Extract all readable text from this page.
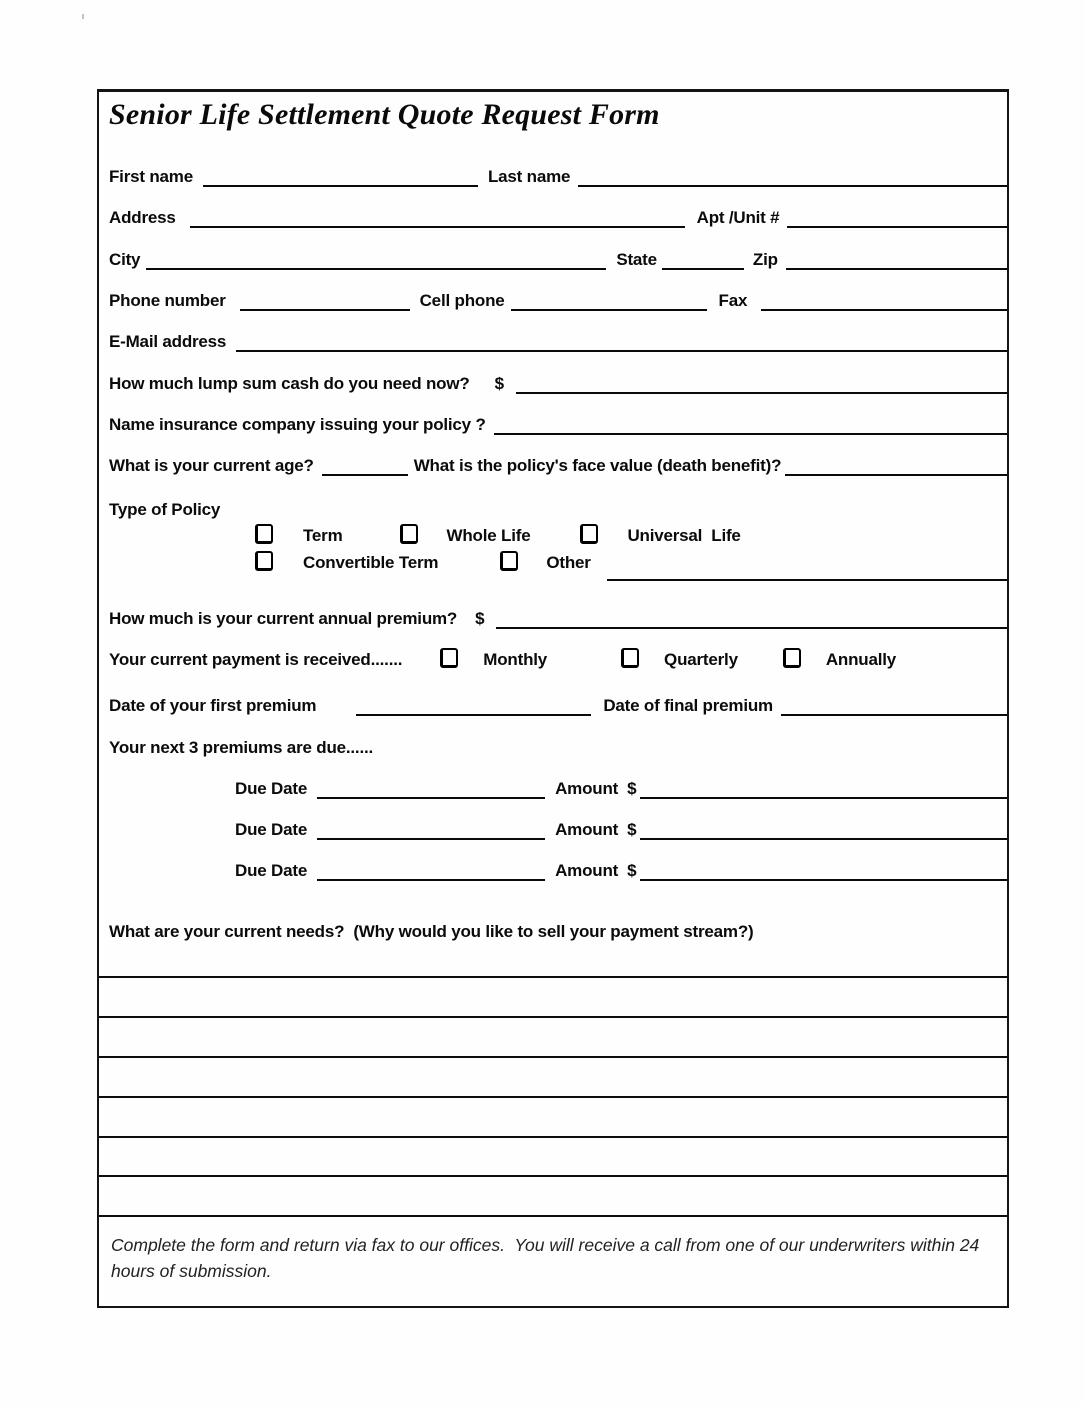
Senior Life Settlement Quote Request Form
First name	Last name
Address	Apt /Unit #
City	State	Zip
Phone number	Cell phone	Fax
E-Mail address
How much lump sum cash do you need now? $
Name insurance company issuing your policy ?
What is your current age?	What is the policy's face value (death benefit)?
Type of Policy
Term	Whole Life	Universal  Life
Convertible Term	Other
How much is your current annual premium? $
Your current payment is received.......	Monthly	Quarterly	Annually
Date of your first premium	Date of final premium
Your next 3 premiums are due......
Due Date	Amount  $
Due Date	Amount  $
Due Date	Amount  $
What are your current needs?  (Why would you like to sell your payment stream?)
Complete the form and return via fax to our offices.  You will receive a call from one of our underwriters within 24 hours of submission.
